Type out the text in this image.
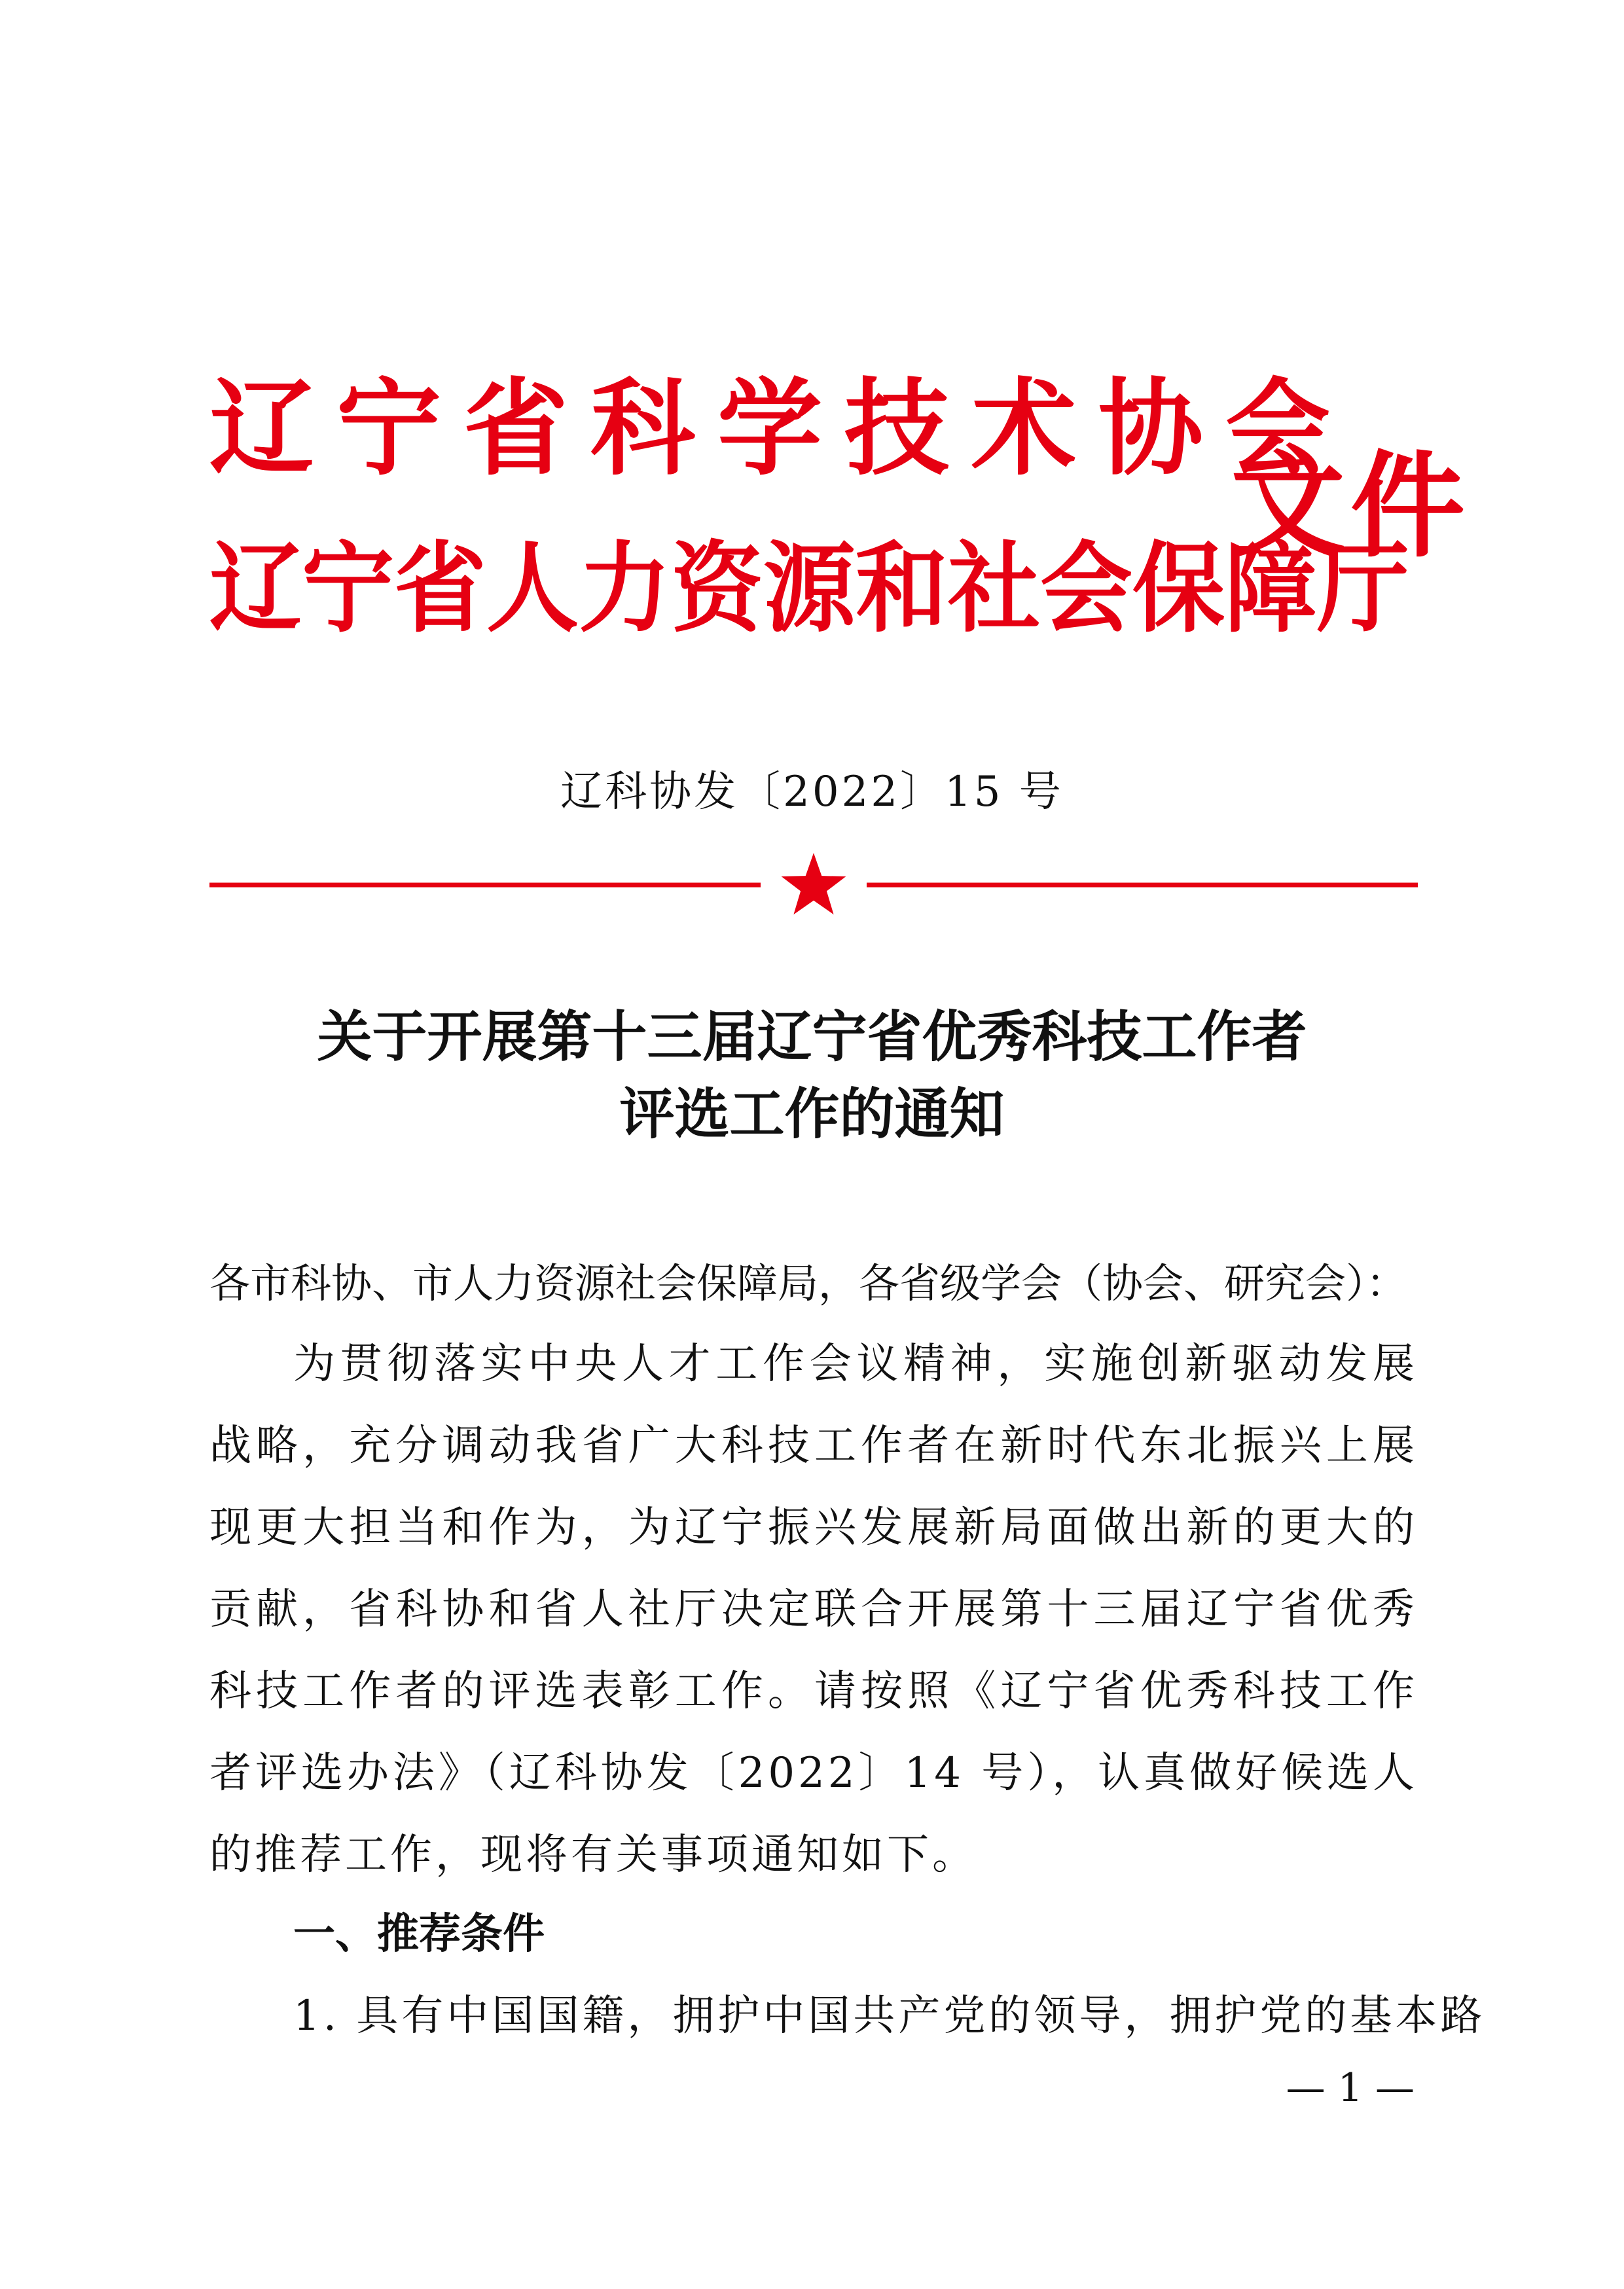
辽宁省科学技术协会
辽宁省人力资源和社会保障厅
文件
辽科协发〔2022〕15 号
关于开展第十三届辽宁省优秀科技工作者
评选工作的通知
各市科协、市人力资源社会保障局，各省级学会（协会、研究会）：
为贯彻落实中央人才工作会议精神，实施创新驱动发展战略，充分调动我省广大科技工作者在新时代东北振兴上展现更大担当和作为，为辽宁振兴发展新局面做出新的更大的贡献，省科协和省人社厅决定联合开展第十三届辽宁省优秀科技工作者的评选表彰工作。请按照《辽宁省优秀科技工作者评选办法》（辽科协发〔2022〕14 号），认真做好候选人的推荐工作，现将有关事项通知如下。
一、推荐条件
1. 具有中国国籍，拥护中国共产党的领导，拥护党的基本路
— 1 —
